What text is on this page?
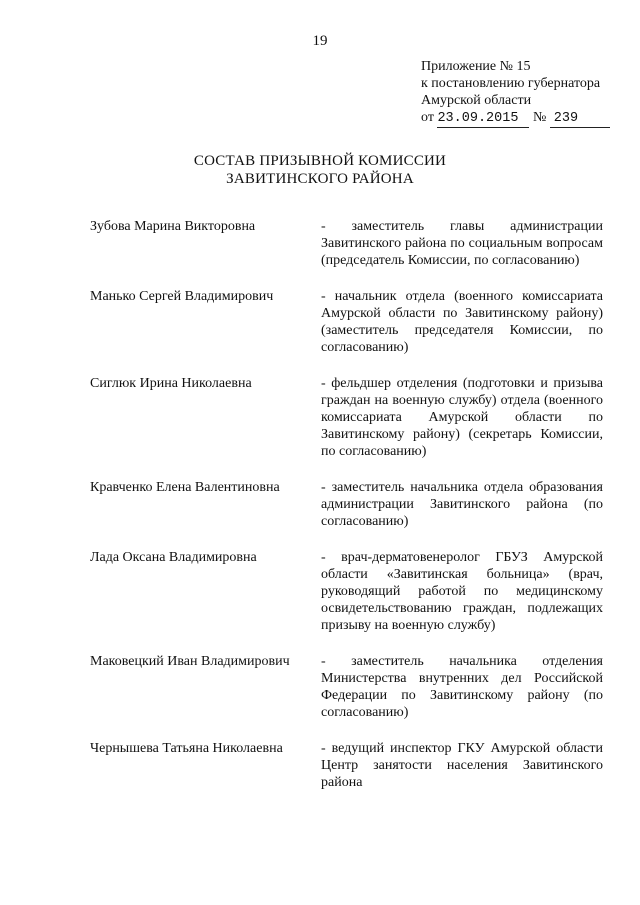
19
Приложение № 15
к постановлению губернатора
Амурской области
от 23.09.2015 № 239
СОСТАВ ПРИЗЫВНОЙ КОМИССИИ
ЗАВИТИНСКОГО РАЙОНА
Зубова Марина Викторовна	- заместитель главы администрации Завитинского района по социальным вопросам (председатель Комиссии, по согласованию)
Манько Сергей Владимирович	- начальник отдела (военного комиссариата Амурской области по Завитинскому району) (заместитель председателя Комиссии, по согласованию)
Сиглюк Ирина Николаевна	- фельдшер отделения (подготовки и призыва граждан на военную службу) отдела (военного комиссариата Амурской области по Завитинскому району) (секретарь Комиссии, по согласованию)
Кравченко Елена Валентиновна	- заместитель начальника отдела образования администрации Завитинского района (по согласованию)
Лада Оксана Владимировна	- врач-дерматовенеролог ГБУЗ Амурской области «Завитинская больница» (врач, руководящий работой по медицинскому освидетельствованию граждан, подлежащих призыву на военную службу)
Маковецкий Иван Владимирович - заместитель начальника отделения Министерства внутренних дел Российской Федерации по Завитинскому району (по согласованию)
Чернышева Татьяна Николаевна	- ведущий инспектор ГКУ Амурской области Центр занятости населения Завитинского района
